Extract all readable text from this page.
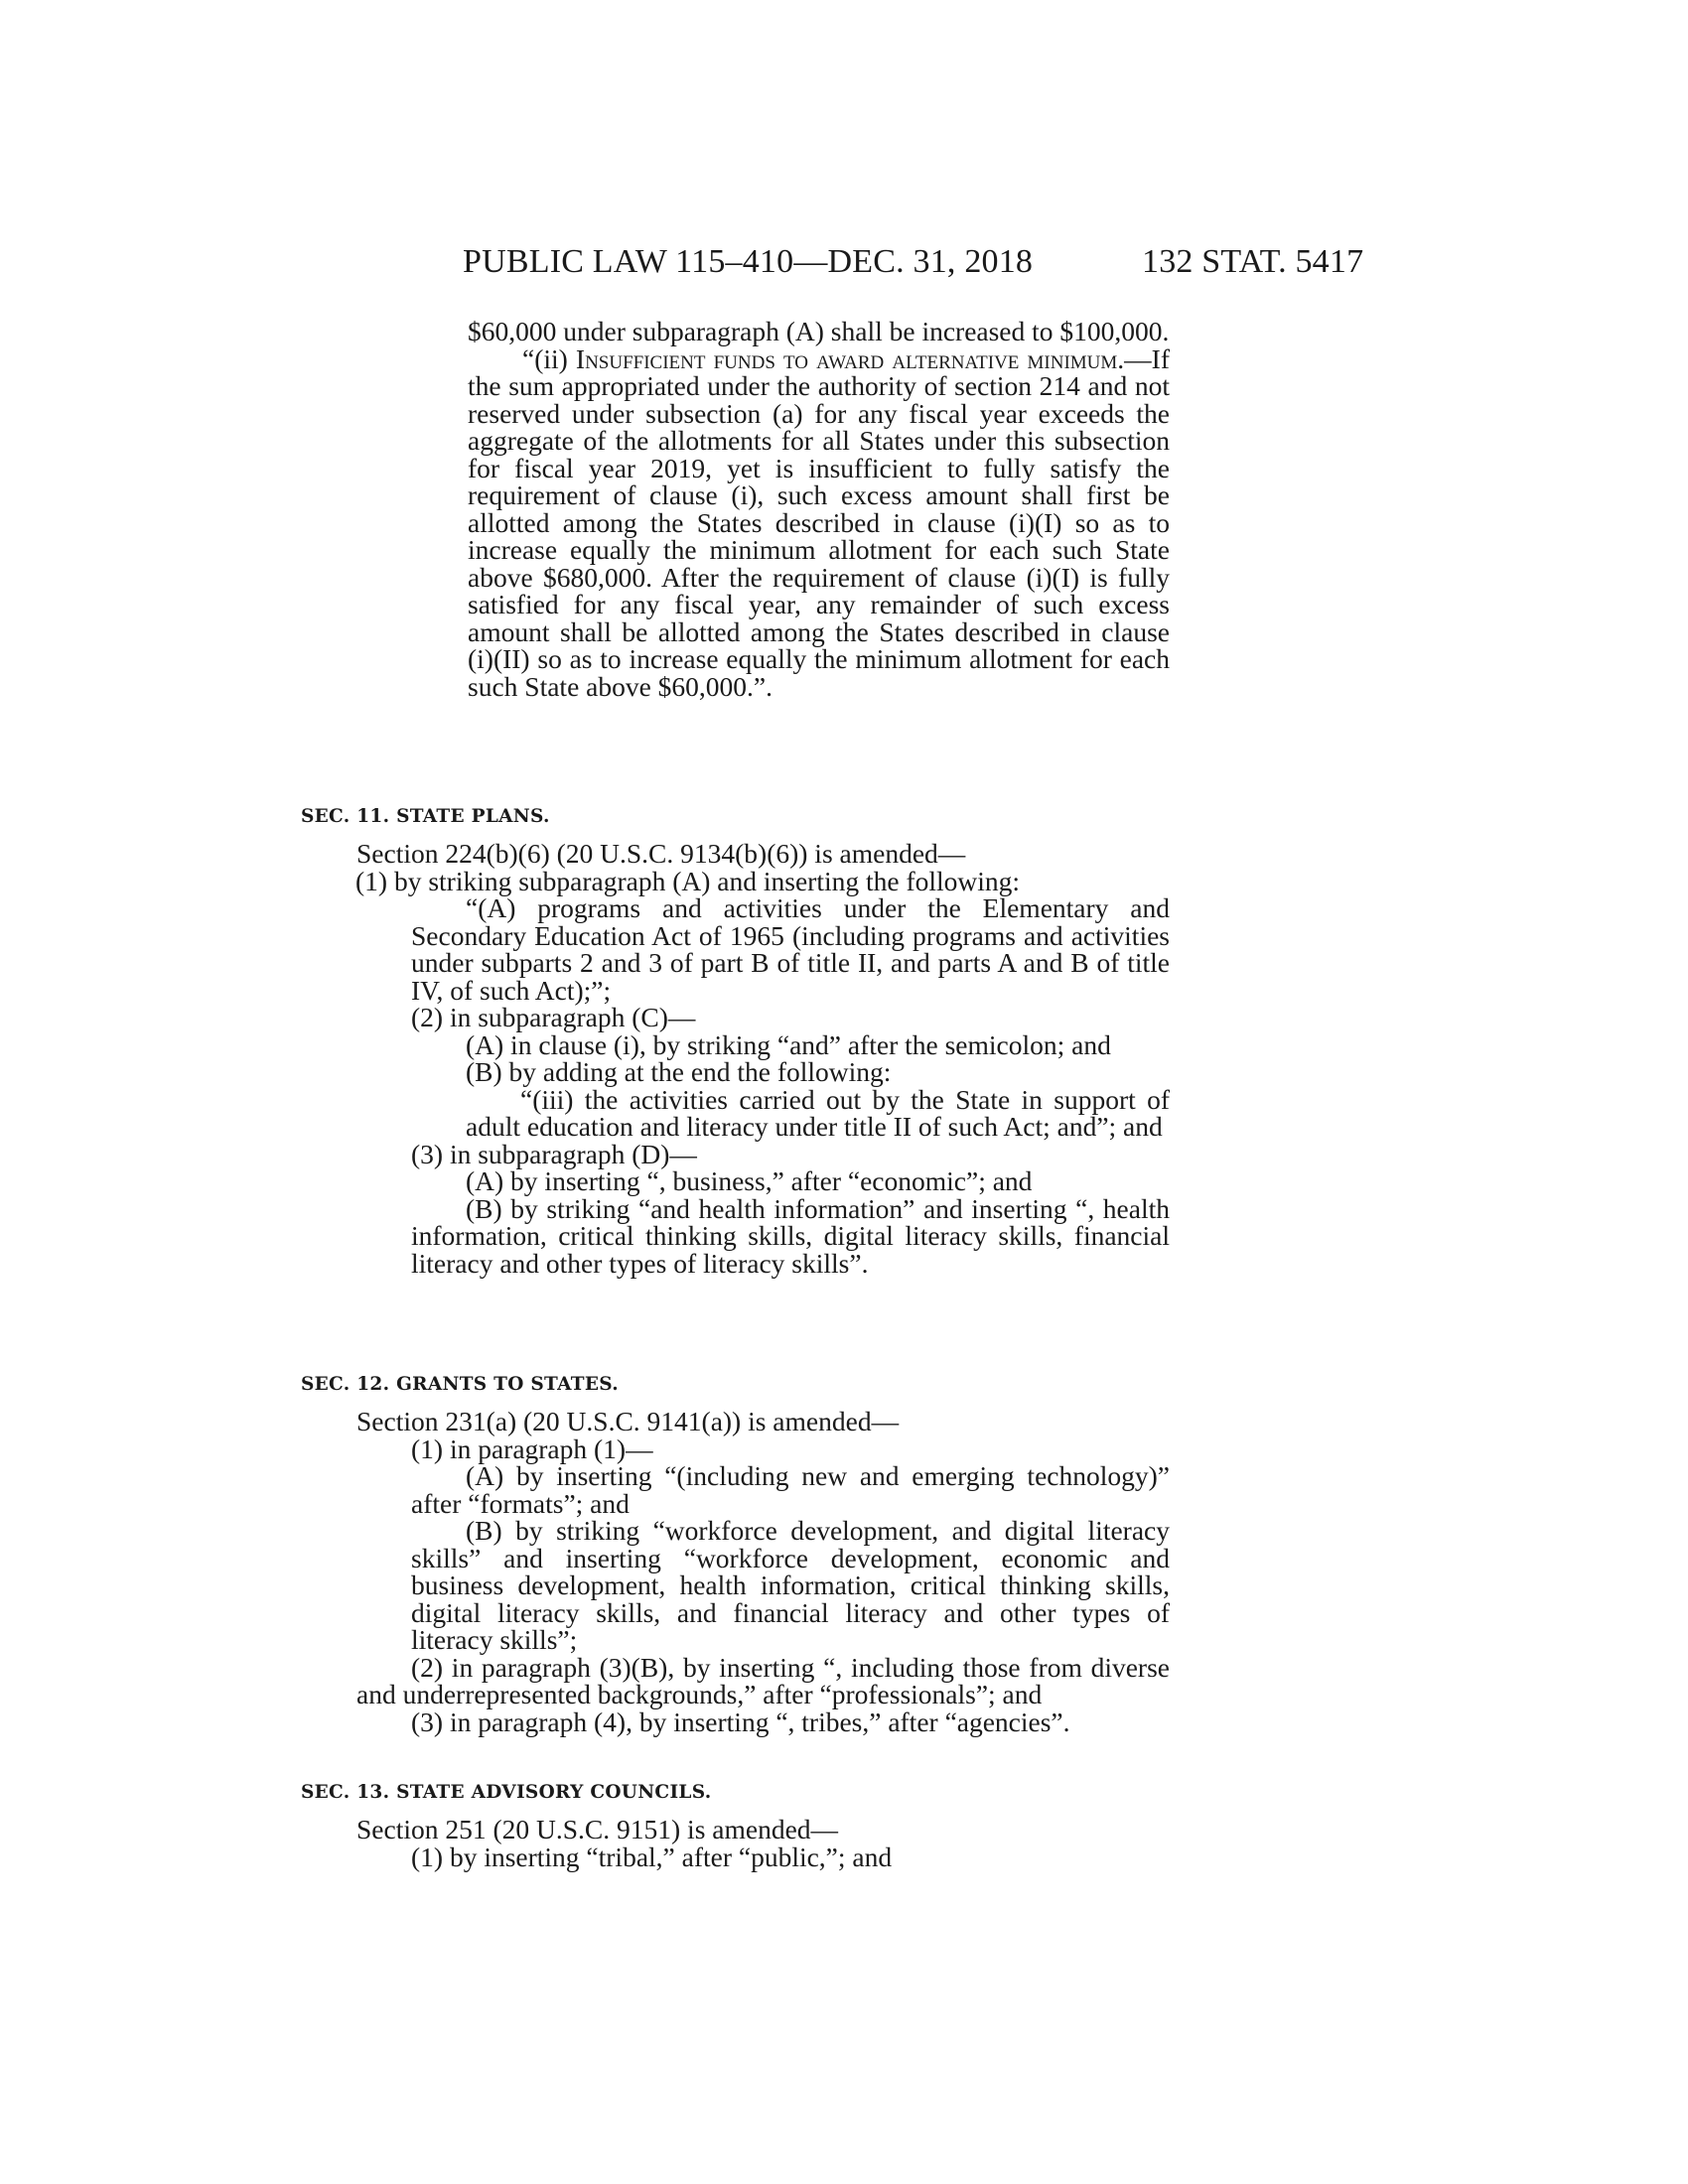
PUBLIC LAW 115–410—DEC. 31, 2018	132 STAT. 5417
$60,000 under subparagraph (A) shall be increased to $100,000.
“(ii) Insufficient funds to award alternative minimum.—If the sum appropriated under the authority of section 214 and not reserved under subsection (a) for any fiscal year exceeds the aggregate of the allotments for all States under this subsection for fiscal year 2019, yet is insufficient to fully satisfy the requirement of clause (i), such excess amount shall first be allotted among the States described in clause (i)(I) so as to increase equally the minimum allotment for each such State above $680,000. After the requirement of clause (i)(I) is fully satisfied for any fiscal year, any remainder of such excess amount shall be allotted among the States described in clause (i)(II) so as to increase equally the minimum allotment for each such State above $60,000.”.
SEC. 11. STATE PLANS.
Section 224(b)(6) (20 U.S.C. 9134(b)(6)) is amended—
(1) by striking subparagraph (A) and inserting the following:
“(A) programs and activities under the Elementary and Secondary Education Act of 1965 (including programs and activities under subparts 2 and 3 of part B of title II, and parts A and B of title IV, of such Act);”;
(2) in subparagraph (C)—
(A) in clause (i), by striking “and” after the semicolon; and
(B) by adding at the end the following:
“(iii) the activities carried out by the State in support of adult education and literacy under title II of such Act; and”; and
(3) in subparagraph (D)—
(A) by inserting “, business,” after “economic”; and
(B) by striking “and health information” and inserting “, health information, critical thinking skills, digital literacy skills, financial literacy and other types of literacy skills”.
SEC. 12. GRANTS TO STATES.
Section 231(a) (20 U.S.C. 9141(a)) is amended—
(1) in paragraph (1)—
(A) by inserting “(including new and emerging technology)” after “formats”; and
(B) by striking “workforce development, and digital literacy skills” and inserting “workforce development, economic and business development, health information, critical thinking skills, digital literacy skills, and financial literacy and other types of literacy skills”;
(2) in paragraph (3)(B), by inserting “, including those from diverse and underrepresented backgrounds,” after “professionals”; and
(3) in paragraph (4), by inserting “, tribes,” after “agencies”.
SEC. 13. STATE ADVISORY COUNCILS.
Section 251 (20 U.S.C. 9151) is amended—
(1) by inserting “tribal,” after “public,”; and
